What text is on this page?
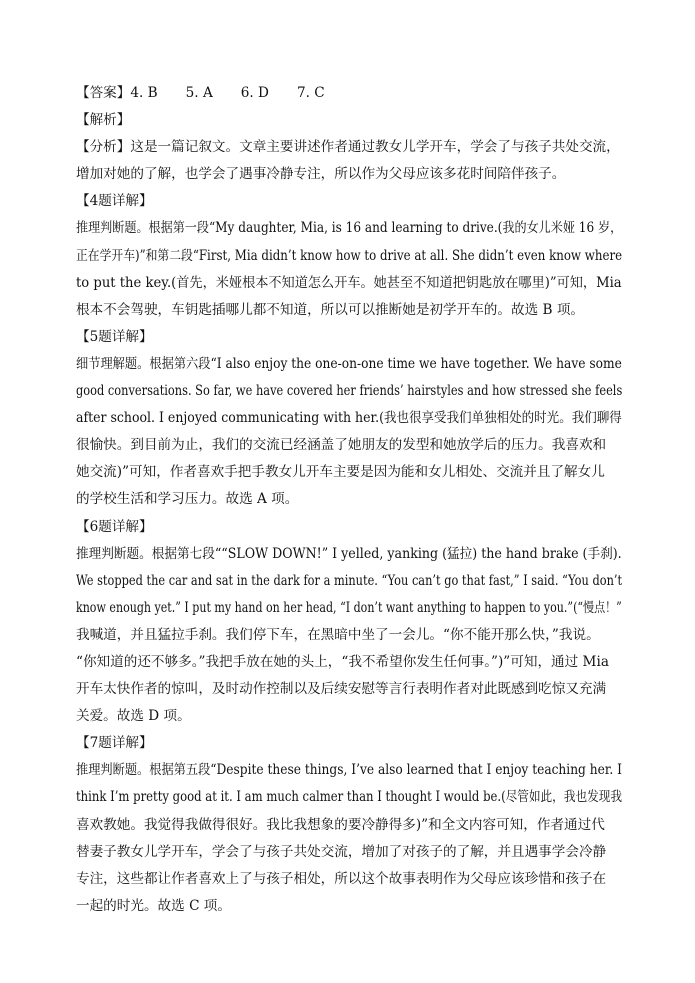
【答案】4. B 5. A 6. D 7. C
【解析】
【分析】这是一篇记叙文。文章主要讲述作者通过教女儿学开车，学会了与孩子共处交流，
增加对她的了解，也学会了遇事冷静专注，所以作为父母应该多花时间陪伴孩子。
【4题详解】
推理判断题。根据第一段“My daughter, Mia, is 16 and learning to drive.(我的女儿米娅 16 岁，
正在学开车)”和第二段“First, Mia didn’t know how to drive at all. She didn’t even know where
to put the key.(首先，米娅根本不知道怎么开车。她甚至不知道把钥匙放在哪里)”可知，Mia
根本不会驾驶，车钥匙插哪儿都不知道，所以可以推断她是初学开车的。故选 B 项。
【5题详解】
细节理解题。根据第六段“I also enjoy the one-on-one time we have together. We have some
good conversations. So far, we have covered her friends’ hairstyles and how stressed she feels
after school. I enjoyed communicating with her.(我也很享受我们单独相处的时光。我们聊得
很愉快。到目前为止，我们的交流已经涵盖了她朋友的发型和她放学后的压力。我喜欢和
她交流)”可知，作者喜欢手把手教女儿开车主要是因为能和女儿相处、交流并且了解女儿
的学校生活和学习压力。故选 A 项。
【6题详解】
推理判断题。根据第七段““SLOW DOWN!” I yelled, yanking (猛拉) the hand brake (手刹).
We stopped the car and sat in the dark for a minute. “You can’t go that fast,” I said. “You don’t
know enough yet.” I put my hand on her head, “I don’t want anything to happen to you.”(“慢点！”
我喊道，并且猛拉手刹。我们停下车，在黑暗中坐了一会儿。“你不能开那么快，”我说。
“你知道的还不够多。”我把手放在她的头上，“我不希望你发生任何事。”)”可知，通过 Mia
开车太快作者的惊叫，及时动作控制以及后续安慰等言行表明作者对此既感到吃惊又充满
关爱。故选 D 项。
【7题详解】
推理判断题。根据第五段“Despite these things, I’ve also learned that I enjoy teaching her. I
think I’m pretty good at it. I am much calmer than I thought I would be.(尽管如此，我也发现我
喜欢教她。我觉得我做得很好。我比我想象的要冷静得多)”和全文内容可知，作者通过代
替妻子教女儿学开车，学会了与孩子共处交流，增加了对孩子的了解，并且遇事学会冷静
专注，这些都让作者喜欢上了与孩子相处，所以这个故事表明作为父母应该珍惜和孩子在
一起的时光。故选 C 项。
